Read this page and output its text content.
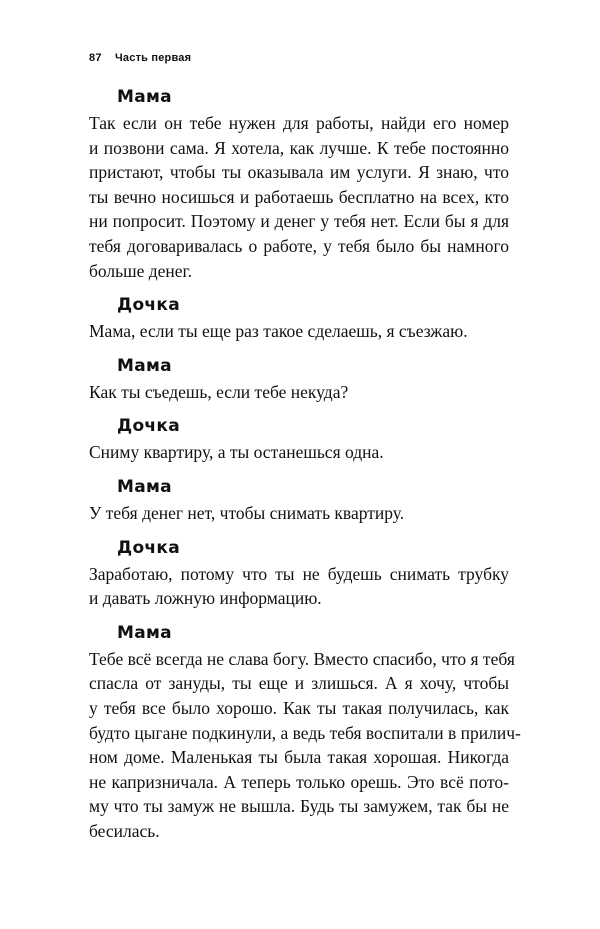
87 Часть первая
Мама
Так если он тебе нужен для работы, найди его номер
и позвони сама. Я хотела, как лучше. К тебе постоянно
пристают, чтобы ты оказывала им услуги. Я знаю, что
ты вечно носишься и работаешь бесплатно на всех, кто
ни попросит. Поэтому и денег у тебя нет. Если бы я для
тебя договаривалась о работе, у тебя было бы намного
больше денег.
Дочка
Мама, если ты еще раз такое сделаешь, я съезжаю.
Мама
Как ты съедешь, если тебе некуда?
Дочка
Сниму квартиру, а ты останешься одна.
Мама
У тебя денег нет, чтобы снимать квартиру.
Дочка
Заработаю, потому что ты не будешь снимать трубку
и давать ложную информацию.
Мама
Тебе всё всегда не слава богу. Вместо спасибо, что я тебя
спасла от зануды, ты еще и злишься. А я хочу, чтобы
у тебя все было хорошо. Как ты такая получилась, как
будто цыгане подкинули, а ведь тебя воспитали в прилич-
ном доме. Маленькая ты была такая хорошая. Никогда
не капризничала. А теперь только орешь. Это всё пото-
му что ты замуж не вышла. Будь ты замужем, так бы не
бесилась.
